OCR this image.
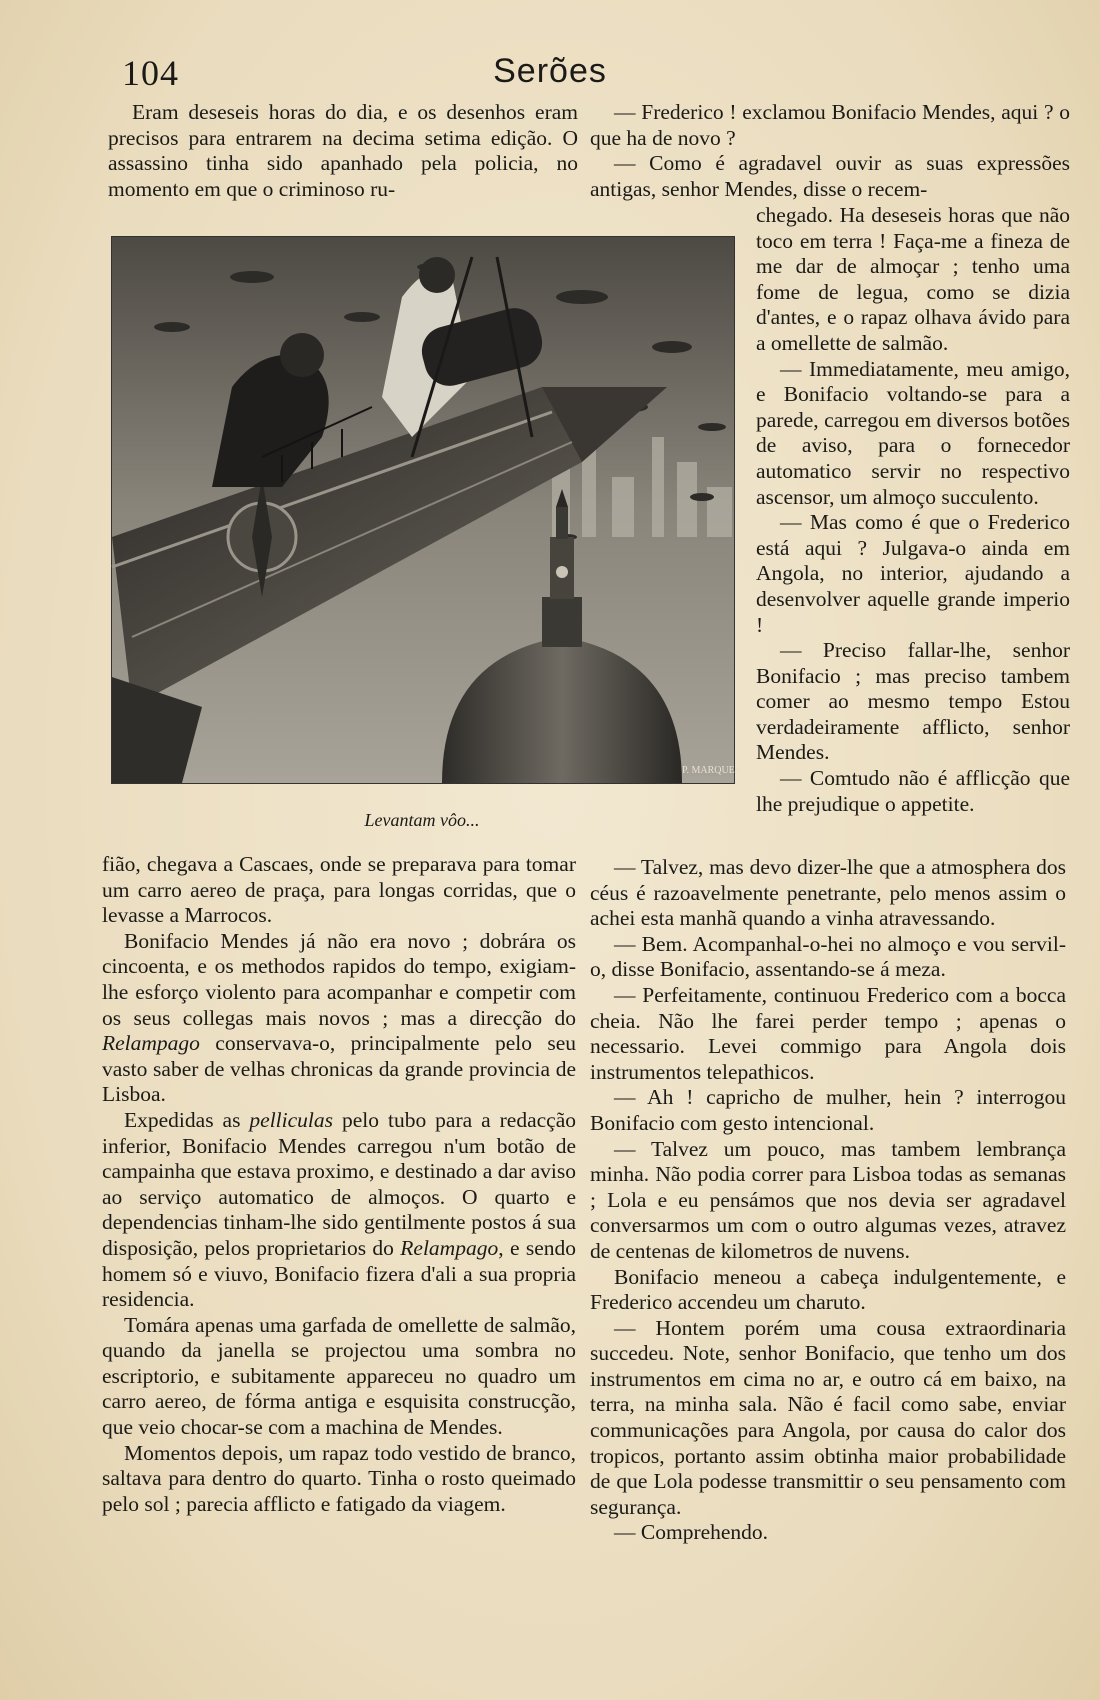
104	Serões

Eram deseseis horas do dia, e os desenhos eram precisos para entrarem na decima setima edição. O assassino tinha sido apanhado pela policia, no momento em que o criminoso ru-

P. MARQUES
Levantam vôo...

fião, chegava a Cascaes, onde se preparava para tomar um carro aereo de praça, para longas corridas, que o levasse a Marrocos.

Bonifacio Mendes já não era novo ; dobrára os cincoenta, e os methodos rapidos do tempo, exigiam-lhe esforço violento para acompanhar e competir com os seus collegas mais novos ; mas a direcção do Relampago conservava-o, principalmente pelo seu vasto saber de velhas chronicas da grande provincia de Lisboa.

Expedidas as pelliculas pelo tubo para a redacção inferior, Bonifacio Mendes carregou n'um botão de campainha que estava proximo, e destinado a dar aviso ao serviço automatico de almoços. O quarto e dependencias tinham-lhe sido gentilmente postos á sua disposição, pelos proprietarios do Relampago, e sendo homem só e viuvo, Bonifacio fizera d'ali a sua propria residencia.

Tomára apenas uma garfada de omellette de salmão, quando da janella se projectou uma sombra no escriptorio, e subitamente appareceu no quadro um carro aereo, de fórma antiga e esquisita construcção, que veio chocar-se com a machina de Mendes.

Momentos depois, um rapaz todo vestido de branco, saltava para dentro do quarto. Tinha o rosto queimado pelo sol ; parecia afflicto e fatigado da viagem.

— Frederico ! exclamou Bonifacio Mendes, aqui ? o que ha de novo ?

— Como é agradavel ouvir as suas expressões antigas, senhor Mendes, disse o recem-

chegado. Ha deseseis horas que não toco em terra ! Faça-me a fineza de me dar de almoçar ; tenho uma fome de legua, como se dizia d'antes, e o rapaz olhava ávido para a omellette de salmão.

— Immediatamente, meu amigo, e Bonifacio voltando-se para a parede, carregou em diversos botões de aviso, para o fornecedor automatico servir no respectivo ascensor, um almoço succulento.

— Mas como é que o Frederico está aqui ? Julgava-o ainda em Angola, no interior, ajudando a desenvolver aquelle grande imperio !

— Preciso fallar-lhe, senhor Bonifacio ; mas preciso tambem comer ao mesmo tempo Estou verdadeiramente afflicto, senhor Mendes.

— Comtudo não é afflicção que lhe prejudique o appetite.

— Talvez, mas devo dizer-lhe que a atmosphera dos céus é razoavelmente penetrante, pelo menos assim o achei esta manhã quando a vinha atravessando.

— Bem. Acompanhal-o-hei no almoço e vou servil-o, disse Bonifacio, assentando-se á meza.

— Perfeitamente, continuou Frederico com a bocca cheia. Não lhe farei perder tempo ; apenas o necessario. Levei commigo para Angola dois instrumentos telepathicos.

— Ah ! capricho de mulher, hein ? interrogou Bonifacio com gesto intencional.

— Talvez um pouco, mas tambem lembrança minha. Não podia correr para Lisboa todas as semanas ; Lola e eu pensámos que nos devia ser agradavel conversarmos um com o outro algumas vezes, atravez de centenas de kilometros de nuvens.

Bonifacio meneou a cabeça indulgentemente, e Frederico accendeu um charuto.

— Hontem porém uma cousa extraordinaria succedeu. Note, senhor Bonifacio, que tenho um dos instrumentos em cima no ar, e outro cá em baixo, na terra, na minha sala. Não é facil como sabe, enviar communicações para Angola, por causa do calor dos tropicos, portanto assim obtinha maior probabilidade de que Lola podesse transmittir o seu pensamento com segurança.

— Comprehendo.
